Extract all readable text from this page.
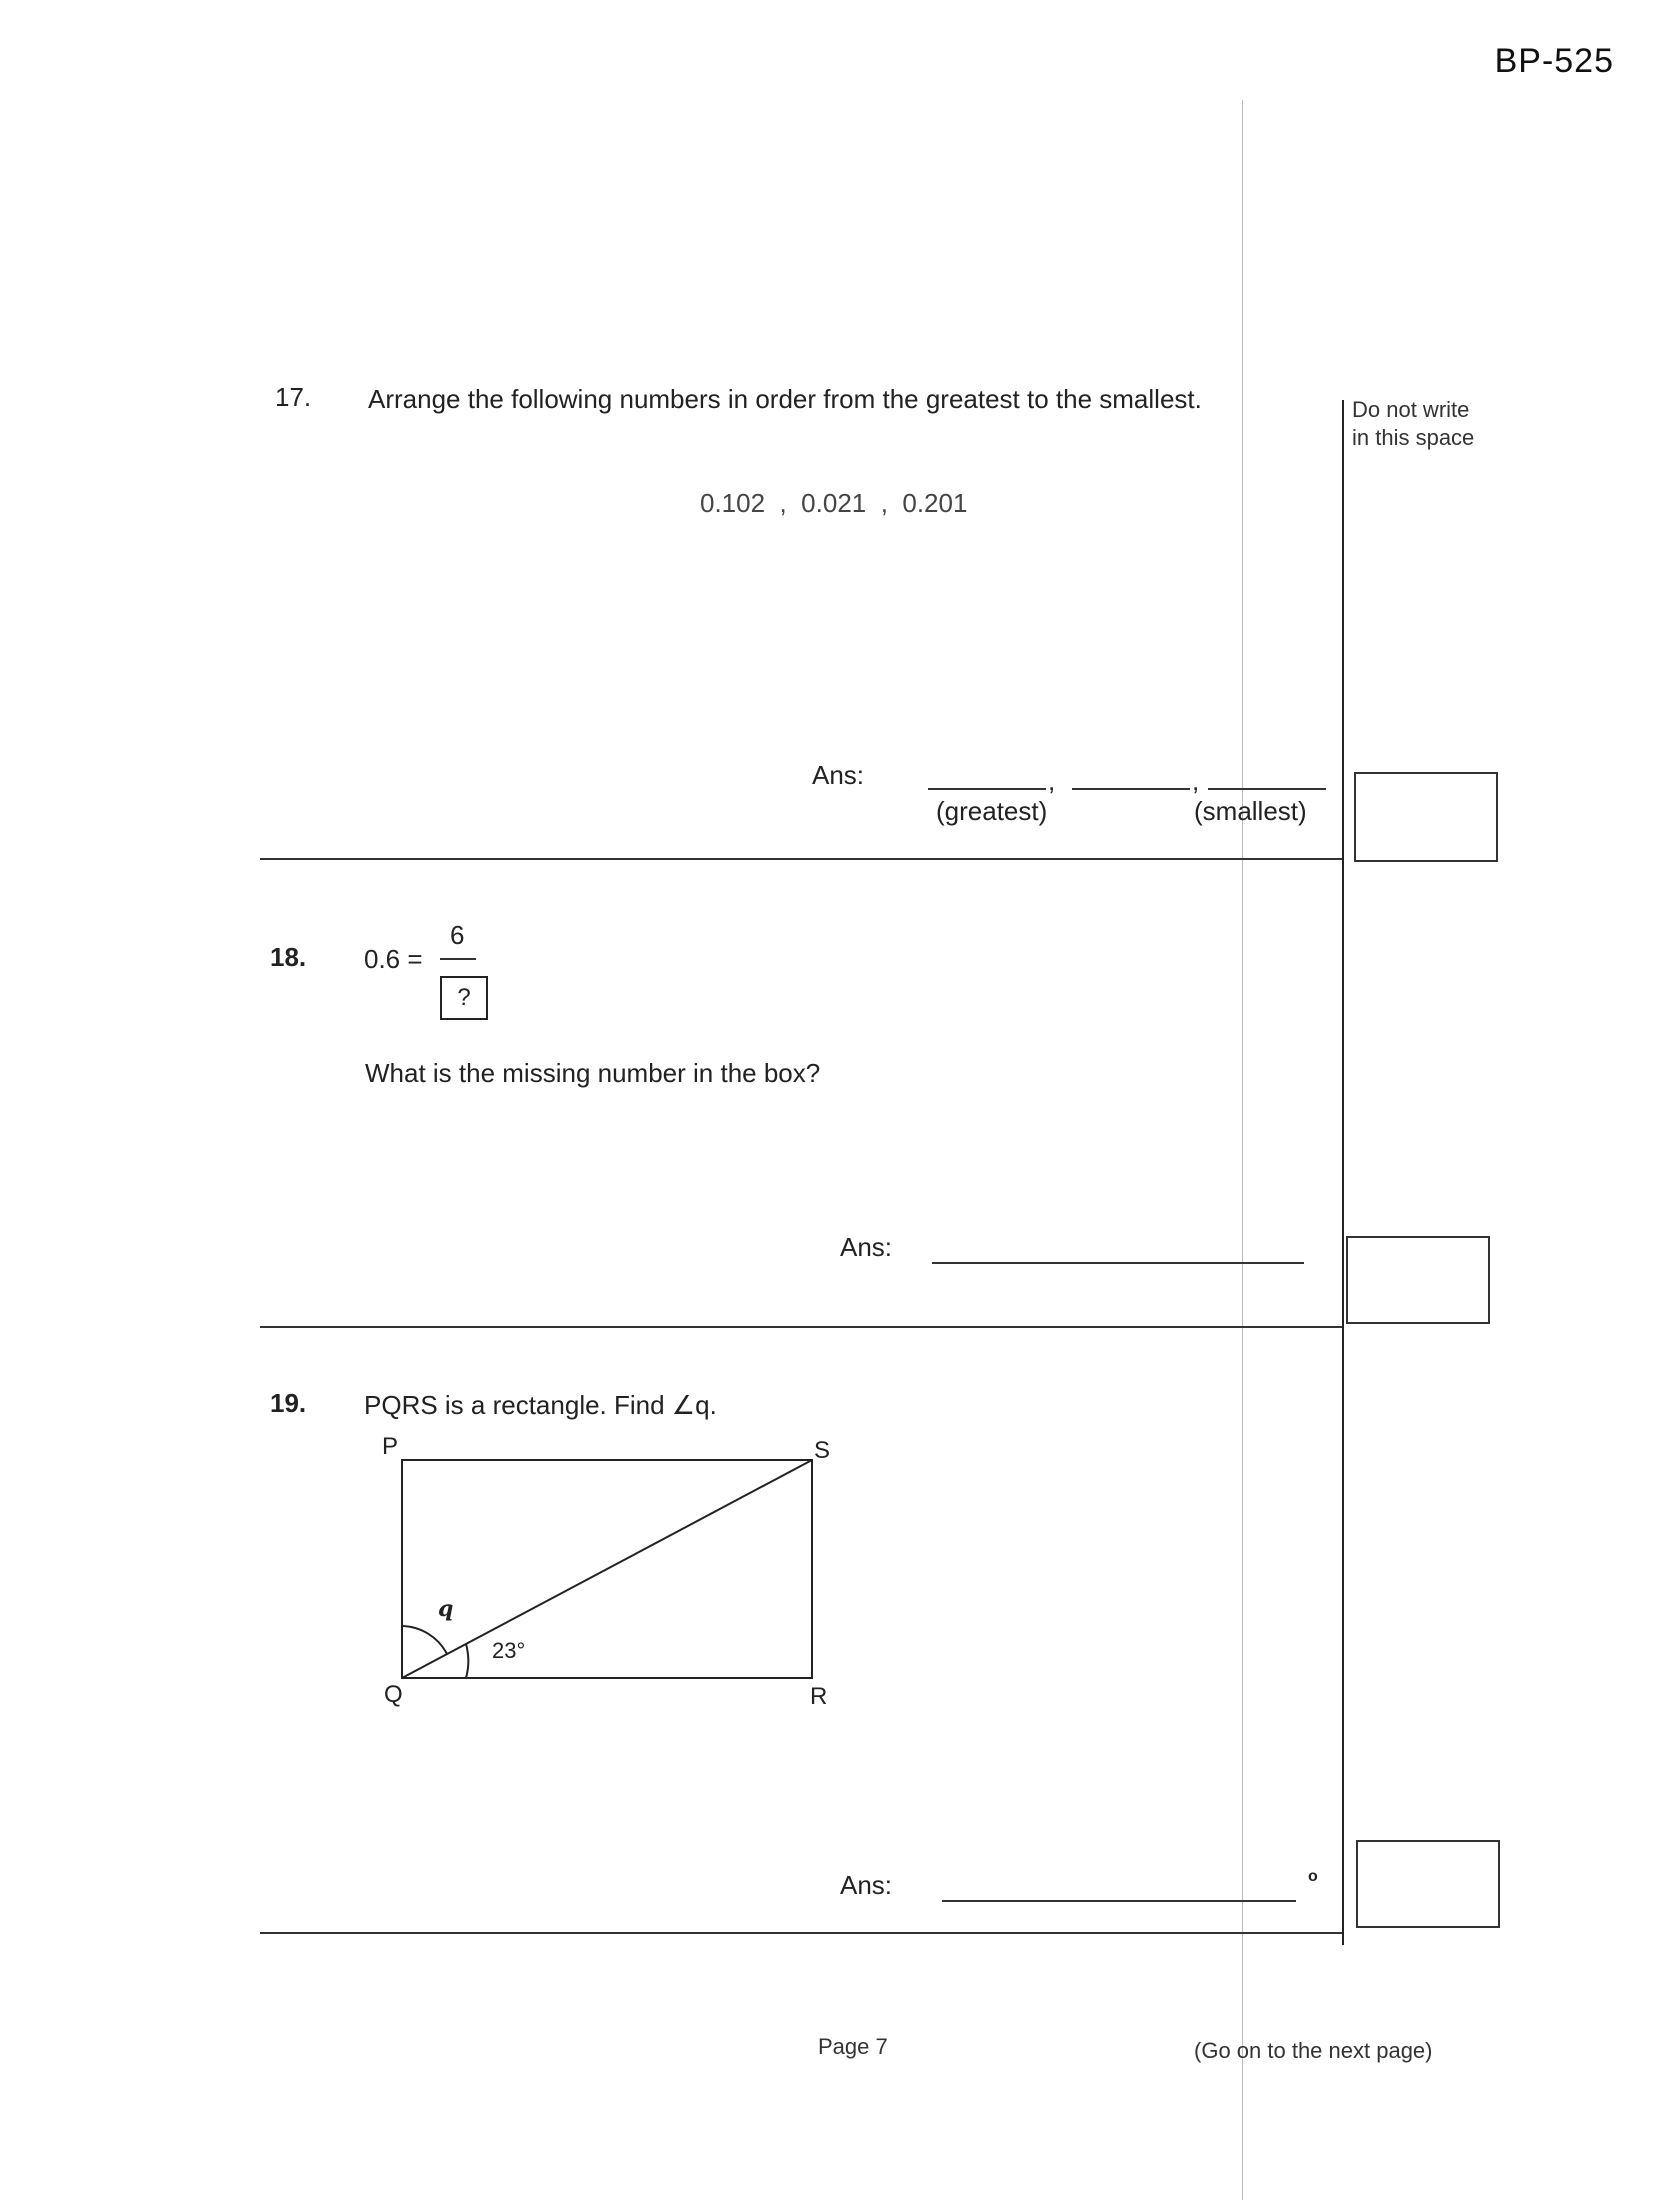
BP-525
Do not write
in this space
17. Arrange the following numbers in order from the greatest to the smallest.
0.102  ,  0.021  ,  0.201
Ans:	,	,
(greatest)	(smallest)
18. 0.6 =
6
?
What is the missing number in the box?
Ans:
19. PQRS is a rectangle. Find ∠q.
P	S
Q	R
q
23°
Ans:	o
Page 7	(Go on to the next page)
